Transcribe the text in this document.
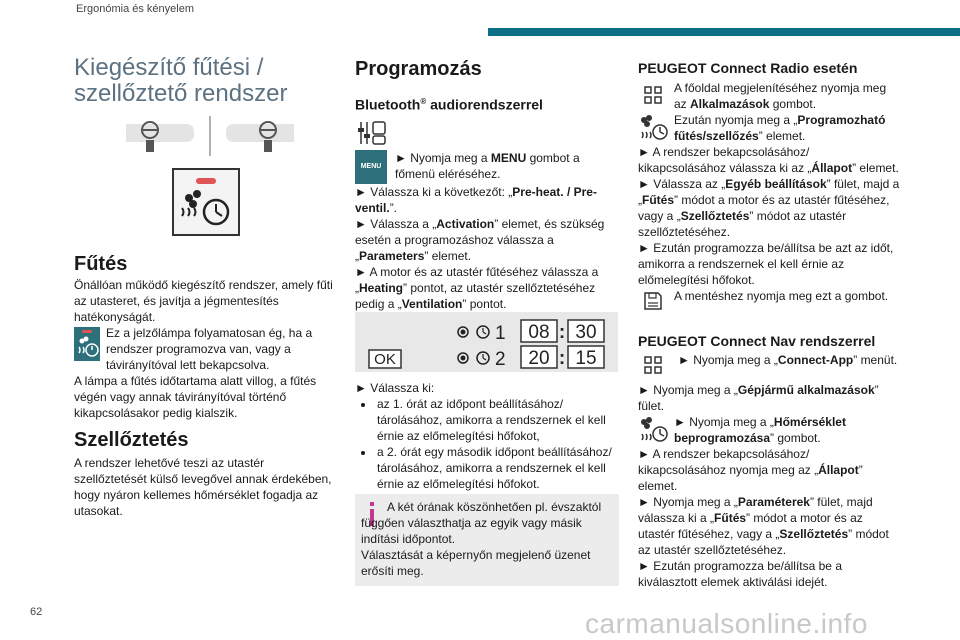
Ergonómia és kényelem
Kiegészítő fűtési / szellőztető rendszer
Fűtés

Önállóan működő kiegészítő rendszer, amely fűti az utasteret, és javítja a jégmentesítés hatékonyságát.

Ez a jelzőlámpa folyamatosan ég, ha a rendszer programozva van, vagy a távirányítóval lett bekapcsolva.

A lámpa a fűtés időtartama alatt villog, a fűtés végén vagy annak távirányítóval történő kikapcsolásakor pedig kialszik.

Szellőztetés

A rendszer lehetővé teszi az utastér szellőztetését külső levegővel annak érdekében, hogy nyáron kellemes hőmérséklet fogadja az utasokat.

Programozás
Bluetooth® audiorendszerrel
MENU

► Nyomja meg a MENU gombot a főmenü eléréséhez.

► Válassza ki a következőt: „Pre-heat. / Pre-ventil.”.

► Válassza a „Activation” elemet, és szükség esetén a programozáshoz válassza a „Parameters” elemet.

► A motor és az utastér fűtéséhez válassza a „Heating” pontot, az utastér szellőztetéséhez pedig a „Ventilation” pontot.

OK
1 08 : 30
2 20 : 15

► Válassza ki:

• az 1. órát az időpont beállításához/ tárolásához, amikorra a rendszernek el kell érnie az előmelegítési hőfokot,
• a 2. órát egy második időpont beállításához/ tárolásához, amikorra a rendszernek el kell érnie az előmelegítési hőfokot.

A két órának köszönhetően pl. évszaktól függően választhatja az egyik vagy másik indítási időpontot.
Választását a képernyőn megjelenő üzenet erősíti meg.

PEUGEOT Connect Radio esetén

A főoldal megjelenítéséhez nyomja meg az Alkalmazások gombot.

Ezután nyomja meg a „Programozható fűtés/szellőzés” elemet.

► A rendszer bekapcsolásához/ kikapcsolásához válassza ki az „Állapot” elemet.

► Válassza az „Egyéb beállítások” fület, majd a „Fűtés” módot a motor és az utastér fűtéséhez, vagy a „Szellőztetés” módot az utastér szellőztetéséhez.

► Ezután programozza be/állítsa be azt az időt, amikorra a rendszernek el kell érnie az előmelegítési hőfokot.

A mentéshez nyomja meg ezt a gombot.

PEUGEOT Connect Nav rendszerrel

► Nyomja meg a „Connect-App” menüt.

► Nyomja meg a „Gépjármű alkalmazások” fület.

► Nyomja meg a „Hőmérséklet beprogramozása” gombot.

► A rendszer bekapcsolásához/ kikapcsolásához nyomja meg az „Állapot” elemet.

► Nyomja meg a „Paraméterek” fület, majd válassza ki a „Fűtés” módot a motor és az utastér fűtéséhez, vagy a „Szellőztetés” módot az utastér szellőztetéséhez.

► Ezután programozza be/állítsa be a kiválasztott elemek aktiválási idejét.

62	carmanualsonline.info
